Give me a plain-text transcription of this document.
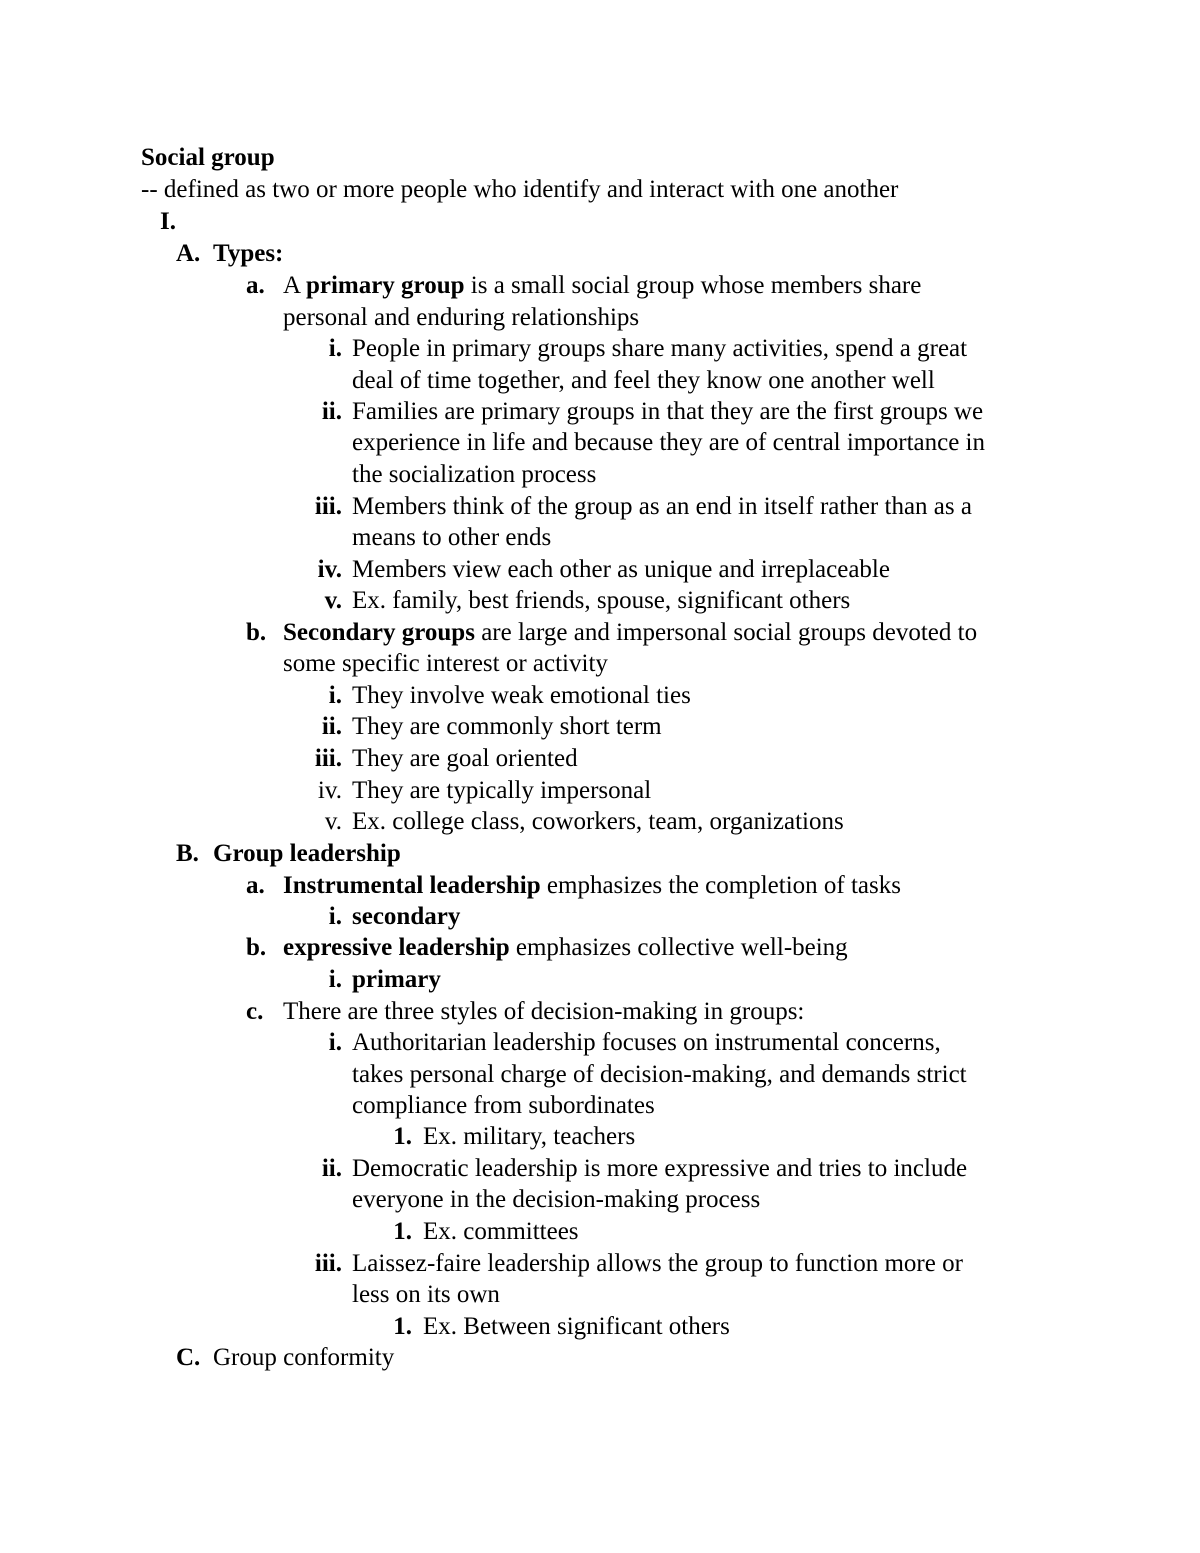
Social group
-- defined as two or more people who identify and interact with one another
I.
A. Types:
a. A primary group is a small social group whose members share
personal and enduring relationships
i. People in primary groups share many activities, spend a great
deal of time together, and feel they know one another well
ii. Families are primary groups in that they are the first groups we
experience in life and because they are of central importance in
the socialization process
iii. Members think of the group as an end in itself rather than as a
means to other ends
iv. Members view each other as unique and irreplaceable
v. Ex. family, best friends, spouse, significant others
b. Secondary groups are large and impersonal social groups devoted to
some specific interest or activity
i. They involve weak emotional ties
ii. They are commonly short term
iii. They are goal oriented
iv. They are typically impersonal
v. Ex. college class, coworkers, team, organizations
B. Group leadership
a. Instrumental leadership emphasizes the completion of tasks
i. secondary
b. expressive leadership emphasizes collective well-being
i. primary
c. There are three styles of decision-making in groups:
i. Authoritarian leadership focuses on instrumental concerns,
takes personal charge of decision-making, and demands strict
compliance from subordinates
1. Ex. military, teachers
ii. Democratic leadership is more expressive and tries to include
everyone in the decision-making process
1. Ex. committees
iii. Laissez-faire leadership allows the group to function more or
less on its own
1. Ex. Between significant others
C. Group conformity
